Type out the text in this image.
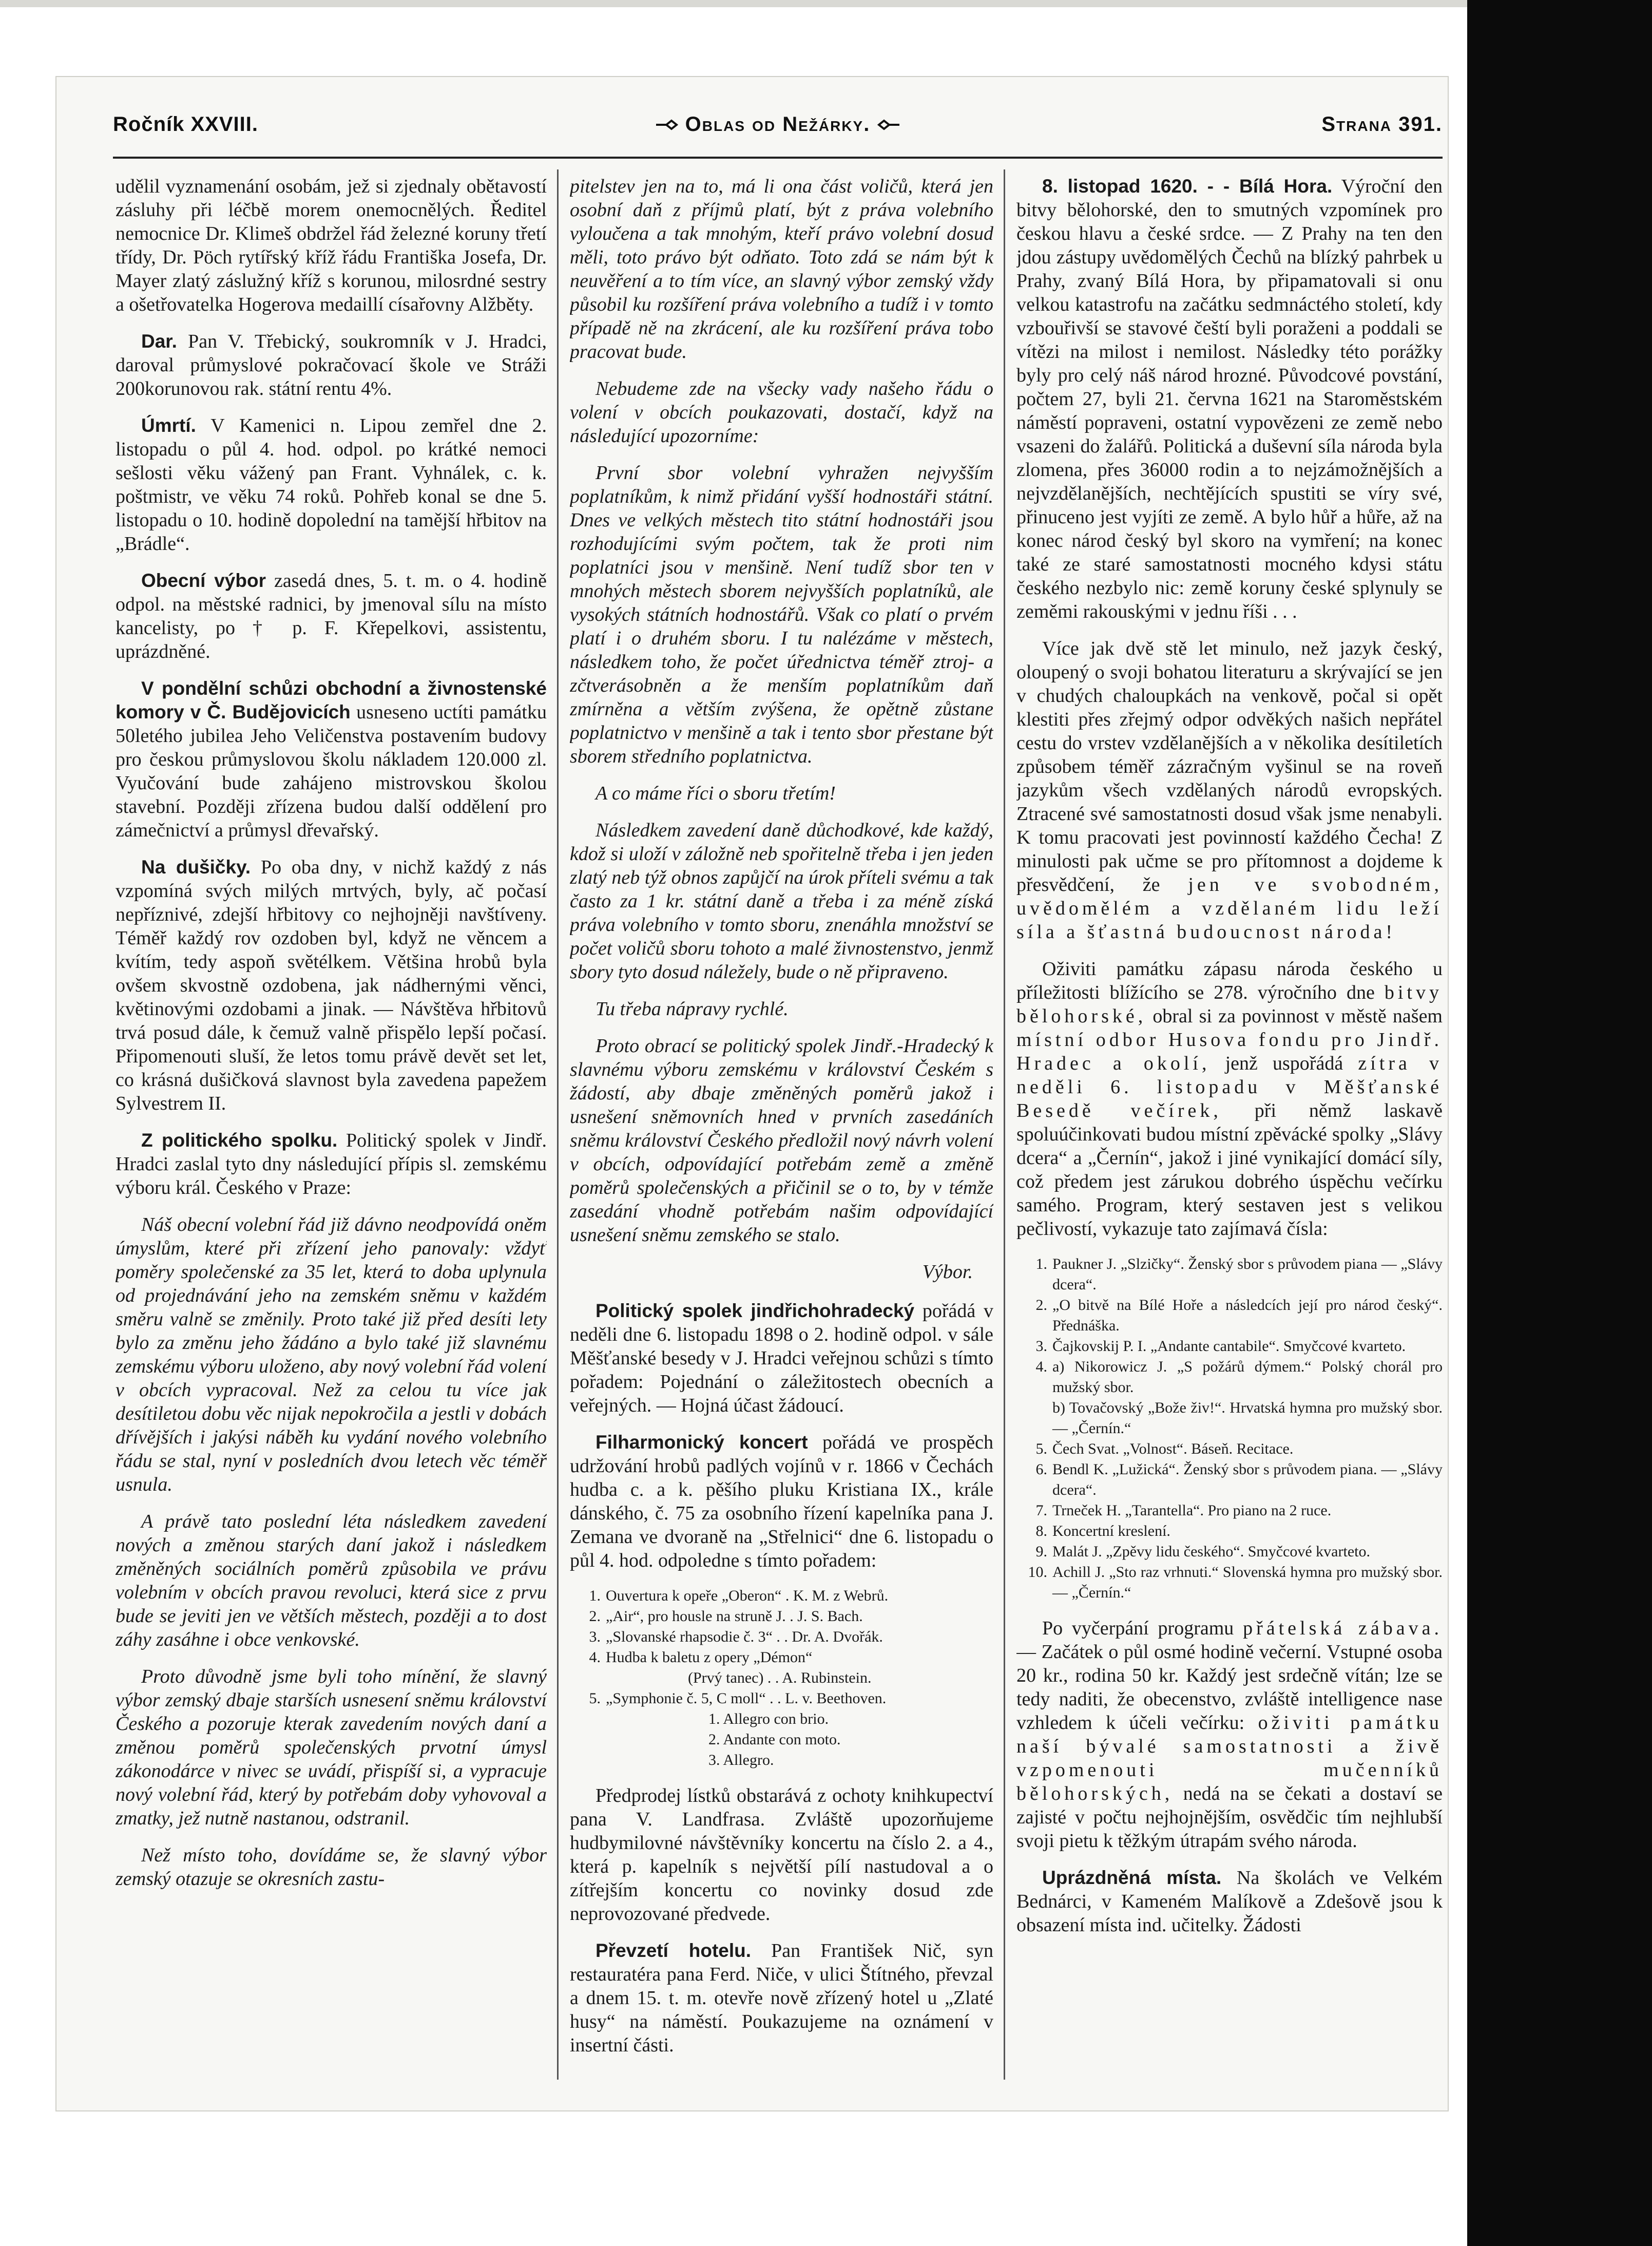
Ročník XXVIII.	Oblas od Nežárky.	Strana 391.

udělil vyznamenání osobám, jež si zjednaly obětavostí zásluhy při léčbě morem onemocnělých. Ředitel nemocnice Dr. Klimeš obdržel řád železné koruny třetí třídy, Dr. Pöch rytířský kříž řádu Františka Josefa, Dr. Mayer zlatý záslužný kříž s korunou, milosrdné sestry a ošetřovatelka Hogerova medaillí císařovny Alžběty.

Dar. Pan V. Třebický, soukromník v J. Hradci, daroval průmyslové pokračovací škole ve Stráži 200korunovou rak. státní rentu 4%.

Úmrtí. V Kamenici n. Lipou zemřel dne 2. listopadu o půl 4. hod. odpol. po krátké nemoci sešlosti věku vážený pan Frant. Vyhnálek, c. k. poštmistr, ve věku 74 roků. Pohřeb konal se dne 5. listopadu o 10. hodině dopolední na tamější hřbitov na „Brádle“.

Obecní výbor zasedá dnes, 5. t. m. o 4. hodině odpol. na městské radnici, by jmenoval sílu na místo kancelisty, po † p. F. Křepelkovi, assistentu, uprázdněné.

V pondělní schůzi obchodní a živnostenské komory v Č. Budějovicích usneseno uctíti památku 50letého jubilea Jeho Veličenstva postavením budovy pro českou průmyslovou školu nákladem 120.000 zl. Vyučování bude zahájeno mistrovskou školou stavební. Později zřízena budou další oddělení pro zámečnictví a průmysl dřevařský.

Na dušičky. Po oba dny, v nichž každý z nás vzpomíná svých milých mrtvých, byly, ač počasí nepříznivé, zdejší hřbitovy co nejhojněji navštíveny. Téměř každý rov ozdoben byl, když ne věncem a kvítím, tedy aspoň světélkem. Většina hrobů byla ovšem skvostně ozdobena, jak nádhernými věnci, květinovými ozdobami a jinak. — Návštěva hřbitovů trvá posud dále, k čemuž valně přispělo lepší počasí. Připomenouti sluší, že letos tomu právě devět set let, co krásná dušičková slavnost byla zavedena papežem Sylvestrem II.

Z politického spolku. Politický spolek v Jindř. Hradci zaslal tyto dny následující přípis sl. zemskému výboru král. Českého v Praze:

Náš obecní volební řád již dávno neodpovídá oněm úmyslům, které při zřízení jeho panovaly: vždyť poměry společenské za 35 let, která to doba uplynula od projednávání jeho na zemském sněmu v každém směru valně se změnily. Proto také již před desíti lety bylo za změnu jeho žádáno a bylo také již slavnému zemskému výboru uloženo, aby nový volební řád volení v obcích vypracoval. Než za celou tu více jak desítiletou dobu věc nijak nepokročila a jestli v dobách dřívějších i jakýsi náběh ku vydání nového volebního řádu se stal, nyní v posledních dvou letech věc téměř usnula.

A právě tato poslední léta následkem zavedení nových a změnou starých daní jakož i následkem změněných sociálních poměrů způsobila ve právu volebním v obcích pravou revoluci, která sice z prvu bude se jeviti jen ve větších městech, později a to dost záhy zasáhne i obce venkovské.

Proto důvodně jsme byli toho mínění, že slavný výbor zemský dbaje starších usnesení sněmu království Českého a pozoruje kterak zavedením nových daní a změnou poměrů společenských prvotní úmysl zákonodárce v nivec se uvádí, přispíší si, a vypracuje nový volební řád, který by potřebám doby vyhovoval a zmatky, jež nutně nastanou, odstranil.

Než místo toho, dovídáme se, že slavný výbor zemský otazuje se okresních zastu-

pitelstev jen na to, má li ona část voličů, která jen osobní daň z příjmů platí, být z práva volebního vyloučena a tak mnohým, kteří právo volební dosud měli, toto právo být odňato. Toto zdá se nám být k neuvěření a to tím více, an slavný výbor zemský vždy působil ku rozšíření práva volebního a tudíž i v tomto případě ně na zkrácení, ale ku rozšíření práva tobo pracovat bude.

Nebudeme zde na všecky vady našeho řádu o volení v obcích poukazovati, dostačí, když na následující upozorníme:

První sbor volební vyhražen nejvyšším poplatníkům, k nimž přidání vyšší hodnostáři státní. Dnes ve velkých městech tito státní hodnostáři jsou rozhodujícími svým počtem, tak že proti nim poplatníci jsou v menšině. Není tudíž sbor ten v mnohých městech sborem nejvyšších poplatníků, ale vysokých státních hodnostářů. Však co platí o prvém platí i o druhém sboru. I tu nalézáme v městech, následkem toho, že počet úřednictva téměř ztroj- a zčtverásobněn a že menším poplatníkům daň zmírněna a větším zvýšena, že opětně zůstane poplatnictvo v menšině a tak i tento sbor přestane být sborem středního poplatnictva.

A co máme říci o sboru třetím!

Následkem zavedení daně důchodkové, kde každý, kdož si uloží v záložně neb spořitelně třeba i jen jeden zlatý neb týž obnos zapůjčí na úrok příteli svému a tak často za 1 kr. státní daně a třeba i za méně získá práva volebního v tomto sboru, znenáhla množství se počet voličů sboru tohoto a malé živnostenstvo, jenmž sbory tyto dosud náležely, bude o ně připraveno.

Tu třeba nápravy rychlé.

Proto obrací se politický spolek Jindř.-Hradecký k slavnému výboru zemskému v království Českém s žádostí, aby dbaje změněných poměrů jakož i usnešení sněmovních hned v prvních zasedáních sněmu království Českého předložil nový návrh volení v obcích, odpovídající potřebám země a změně poměrů společenských a přičinil se o to, by v témže zasedání vhodně potřebám našim odpovídající usnešení sněmu zemského se stalo.

Výbor.

Politický spolek jindřichohradecký pořádá v neděli dne 6. listopadu 1898 o 2. hodině odpol. v sále Měšťanské besedy v J. Hradci veřejnou schůzi s tímto pořadem: Pojednání o záležitostech obecních a veřejných. — Hojná účast žádoucí.

Filharmonický koncert pořádá ve prospěch udržování hrobů padlých vojínů v r. 1866 v Čechách hudba c. a k. pěšího pluku Kristiana IX., krále dánského, č. 75 za osobního řízení kapelníka pana J. Zemana ve dvoraně na „Střelnici“ dne 6. listopadu o půl 4. hod. odpoledne s tímto pořadem:

1. Ouvertura k opeře „Oberon“ . K. M. z Webrů.
2. „Air“, pro housle na struně J. . J. S. Bach.
3. „Slovanské rhapsodie č. 3“ . . Dr. A. Dvořák.
4. Hudba k baletu z opery „Démon“
(Prvý tanec) . . A. Rubinstein.
5. „Symphonie č. 5, C moll“ . . L. v. Beethoven.
1. Allegro con brio.
2. Andante con moto.
3. Allegro.

Předprodej lístků obstarává z ochoty knihkupectví pana V. Landfrasa. Zvláště upozorňujeme hudbymilovné návštěvníky koncertu na číslo 2. a 4., která p. kapelník s největší pílí nastudoval a o zítřejším koncertu co novinky dosud zde neprovozované předvede.

Převzetí hotelu. Pan František Nič, syn restauratéra pana Ferd. Niče, v ulici Štítného, převzal a dnem 15. t. m. otevře nově zřízený hotel u „Zlaté husy“ na náměstí. Poukazujeme na oznámení v insertní části.

8. listopad 1620. - - Bílá Hora. Výroční den bitvy bělohorské, den to smutných vzpomínek pro českou hlavu a české srdce. — Z Prahy na ten den jdou zástupy uvědomělých Čechů na blízký pahrbek u Prahy, zvaný Bílá Hora, by připamatovali si onu velkou katastrofu na začátku sedmnáctého století, kdy vzbouřivší se stavové čeští byli poraženi a poddali se vítězi na milost i nemilost. Následky této porážky byly pro celý náš národ hrozné. Původcové povstání, počtem 27, byli 21. června 1621 na Staroměstském náměstí popraveni, ostatní vypovězeni ze země nebo vsazeni do žalářů. Politická a duševní síla národa byla zlomena, přes 36000 rodin a to nejzámožnějších a nejvzdělanějších, nechtějících spustiti se víry své, přinuceno jest vyjíti ze země. A bylo hůř a hůře, až na konec národ český byl skoro na vymření; na konec také ze staré samostatnosti mocného kdysi státu českého nezbylo nic: země koruny české splynuly se zeměmi rakouskými v jednu říši . . .

Více jak dvě stě let minulo, než jazyk český, oloupený o svoji bohatou literaturu a skrývající se jen v chudých chaloupkách na venkově, počal si opět klestiti přes zřejmý odpor odvěkých našich nepřátel cestu do vrstev vzdělanějších a v několika desítiletích způsobem téměř zázračným vyšinul se na roveň jazykům všech vzdělaných národů evropských. Ztracené své samostatnosti dosud však jsme nenabyli. K tomu pracovati jest povinností každého Čecha! Z minulosti pak učme se pro přítomnost a dojdeme k přesvědčení, že jen ve svobodném, uvědomělém a vzdělaném lidu leží síla a šťastná budoucnost národa!

Oživiti památku zápasu národa českého u příležitosti blížícího se 278. výročního dne bitvy bělohorské, obral si za povinnost v městě našem místní odbor Husova fondu pro Jindř. Hradec a okolí, jenž uspořádá zítra v neděli 6. listopadu v Měšťanské Besedě večírek, při němž laskavě spoluúčinkovati budou místní zpěvácké spolky „Slávy dcera“ a „Černín“, jakož i jiné vynikající domácí síly, což předem jest zárukou dobrého úspěchu večírku samého. Program, který sestaven jest s velikou pečlivostí, vykazuje tato zajímavá čísla:

1. Paukner J. „Slzičky“. Ženský sbor s průvodem piana — „Slávy dcera“.
2. „O bitvě na Bílé Hoře a následcích její pro národ český“. Přednáška.
3. Čajkovskij P. I. „Andante cantabile“. Smyčcové kvarteto.
4. a) Nikorowicz J. „S požárů dýmem.“ Polský chorál pro mužský sbor.
b) Tovačovský „Bože živ!“. Hrvatská hymna pro mužský sbor. — „Černín.“
5. Čech Svat. „Volnost“. Báseň. Recitace.
6. Bendl K. „Lužická“. Ženský sbor s průvodem piana. — „Slávy dcera“.
7. Trneček H. „Tarantella“. Pro piano na 2 ruce.
8. Koncertní kreslení.
9. Malát J. „Zpěvy lidu českého“. Smyčcové kvarteto.
10. Achill J. „Sto raz vrhnuti.“ Slovenská hymna pro mužský sbor. — „Černín.“

Po vyčerpání programu přátelská zábava. — Začátek o půl osmé hodině večerní. Vstupné osoba 20 kr., rodina 50 kr. Každý jest srdečně vítán; lze se tedy naditi, že obecenstvo, zvláště intelligence nase vzhledem k účeli večírku: oživiti památku naší bývalé samostatnosti a živě vzpomenouti mučenníků bělohorských, nedá na se čekati a dostaví se zajisté v počtu nejhojnějším, osvědčic tím nejhlubší svoji pietu k těžkým útrapám svého národa.

Uprázdněná místa. Na školách ve Velkém Bednárci, v Kameném Malíkově a Zdešově jsou k obsazení místa ind. učitelky. Žádosti
